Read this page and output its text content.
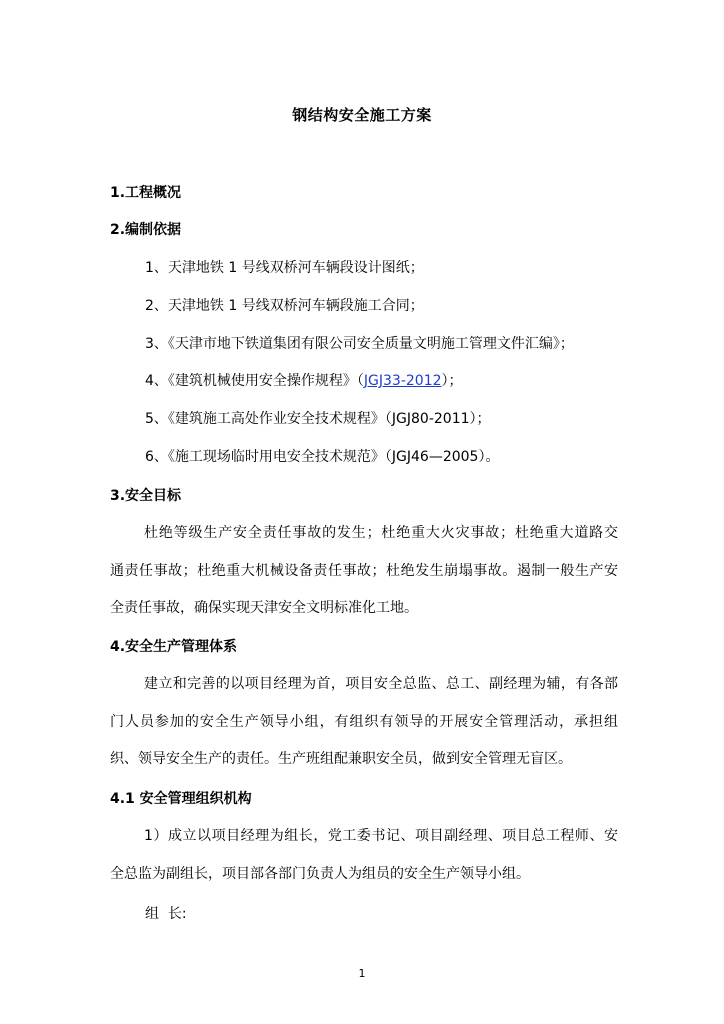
钢结构安全施工方案
1.工程概况
2.编制依据
1、天津地铁 1 号线双桥河车辆段设计图纸；
2、天津地铁 1 号线双桥河车辆段施工合同；
3、《天津市地下铁道集团有限公司安全质量文明施工管理文件汇编》；
4、《建筑机械使用安全操作规程》（JGJ33-2012）；
5、《建筑施工高处作业安全技术规程》（JGJ80-2011）；
6、《施工现场临时用电安全技术规范》（JGJ46—2005）。
3.安全目标
杜绝等级生产安全责任事故的发生；杜绝重大火灾事故；杜绝重大道路交
通责任事故；杜绝重大机械设备责任事故；杜绝发生崩塌事故。遏制一般生产安
全责任事故，确保实现天津安全文明标准化工地。
4.安全生产管理体系
建立和完善的以项目经理为首，项目安全总监、总工、副经理为辅，有各部
门人员参加的安全生产领导小组，有组织有领导的开展安全管理活动，承担组
织、领导安全生产的责任。生产班组配兼职安全员，做到安全管理无盲区。
4.1 安全管理组织机构
1）成立以项目经理为组长，党工委书记、项目副经理、项目总工程师、安
全总监为副组长，项目部各部门负责人为组员的安全生产领导小组。
组  长:
1
